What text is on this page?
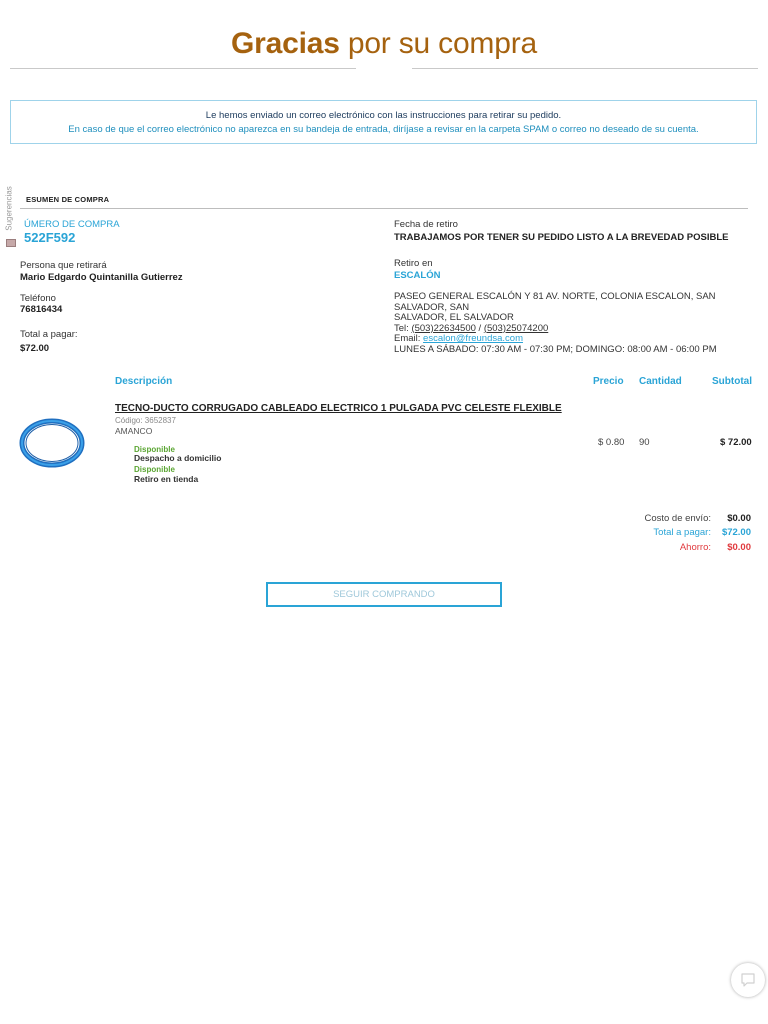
Gracias por su compra
Le hemos enviado un correo electrónico con las instrucciones para retirar su pedido.
En caso de que el correo electrónico no aparezca en su bandeja de entrada, diríjase a revisar en la carpeta SPAM o correo no deseado de su cuenta.
Sugerencias ESUMEN DE COMPRA
ÚMERO DE COMPRA
522F592
Persona que retirará
Mario Edgardo Quintanilla Gutierrez
Teléfono
76816434
Total a pagar:
$72.00
Fecha de retiro
TRABAJAMOS POR TENER SU PEDIDO LISTO A LA BREVEDAD POSIBLE
Retiro en
ESCALÓN
PASEO GENERAL ESCALÓN Y 81 AV. NORTE, COLONIA ESCALON, SAN SALVADOR, SAN
SALVADOR, EL SALVADOR
Tel: (503)22634500 / (503)25074200
Email: escalon@freundsa.com
LUNES A SÁBADO: 07:30 AM - 07:30 PM; DOMINGO: 08:00 AM - 06:00 PM
Descripción	Precio Cantidad	Subtotal
TECNO-DUCTO CORRUGADO CABLEADO ELECTRICO 1 PULGADA PVC CELESTE FLEXIBLE
Código: 3652837
AMANCO
Disponible
Despacho a domicilio
Disponible
Retiro en tienda
$ 0.80 90	$ 72.00
Costo de envío:	$0.00
Total a pagar:	$72.00
Ahorro:	$0.00
SEGUIR COMPRANDO
